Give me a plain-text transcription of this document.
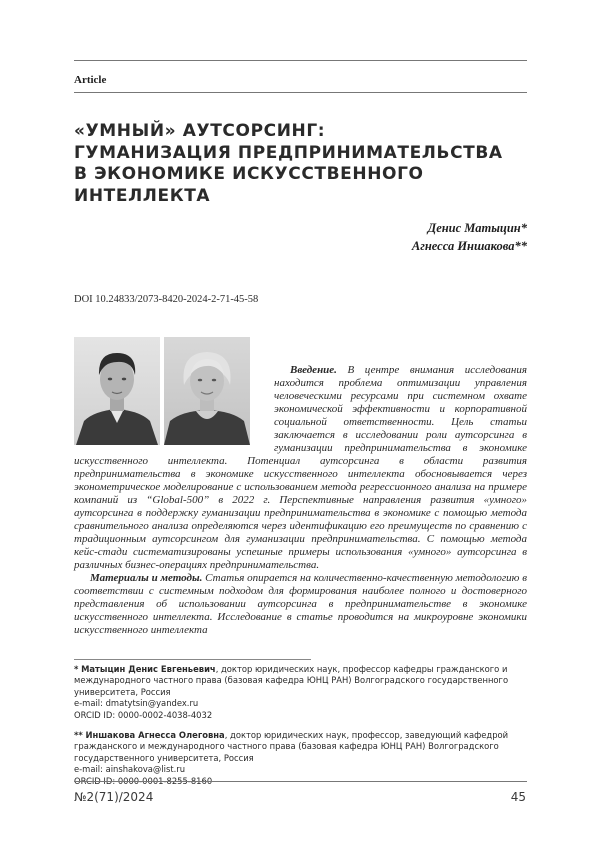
Article
«УМНЫЙ» АУТСОРСИНГ:
ГУМАНИЗАЦИЯ ПРЕДПРИНИМАТЕЛЬСТВА
В ЭКОНОМИКЕ ИСКУССТВЕННОГО
ИНТЕЛЛЕКТА
Денис Матыцин*
Агнесса Иншакова**
DOI 10.24833/2073-8420-2024-2-71-45-58

Введение. В центре внимания исследования находится проблема оптимизации управления человеческими ресурсами при системном охвате экономической эффективности и корпоративной социальной ответственности. Цель статьи заключается в исследовании роли аутсорсинга в гуманизации предпринимательства в экономике искусственного интеллекта. Потенциал аутсорсинга в области развития предпринимательства в экономике искусственного интеллекта обосновывается через эконометрическое моделирование с использованием метода регрессионного анализа на примере компаний из “Global-500” в 2022 г. Перспективные направления развития «умного» аутсорсинга в поддержку гуманизации предпринимательства в экономике с помощью метода сравнительного анализа определяются через идентификацию его преимуществ по сравнению с традиционным аутсорсингом для гуманизации предпринимательства. С помощью метода кейс-стади систематизированы успешные примеры использования «умного» аутсорсинга в различных бизнес-операциях предпринимательства.

Материалы и методы. Статья опирается на количественно-качественную методологию в соответствии с системным подходом для формирования наиболее полного и достоверного представления об использовании аутсорсинга в предпринимательстве в экономике искусственного интеллекта. Исследование в статье проводится на микроуровне экономики искусственного интеллекта

* Матыцин Денис Евгеньевич, доктор юридических наук, профессор кафедры гражданского и международного частного права (базовая кафедра ЮНЦ РАН) Волгоградского государственного университета, Россия
e-mail: dmatytsin@yandex.ru
ORCID ID: 0000-0002-4038-4032

** Иншакова Агнесса Олеговна, доктор юридических наук, профессор, заведующий кафедрой гражданского и международного частного права (базовая кафедра ЮНЦ РАН) Волгоградского государственного университета, Россия
e-mail: ainshakova@list.ru
ORCID ID: 0000-0001-8255-8160

№2(71)/2024	45
